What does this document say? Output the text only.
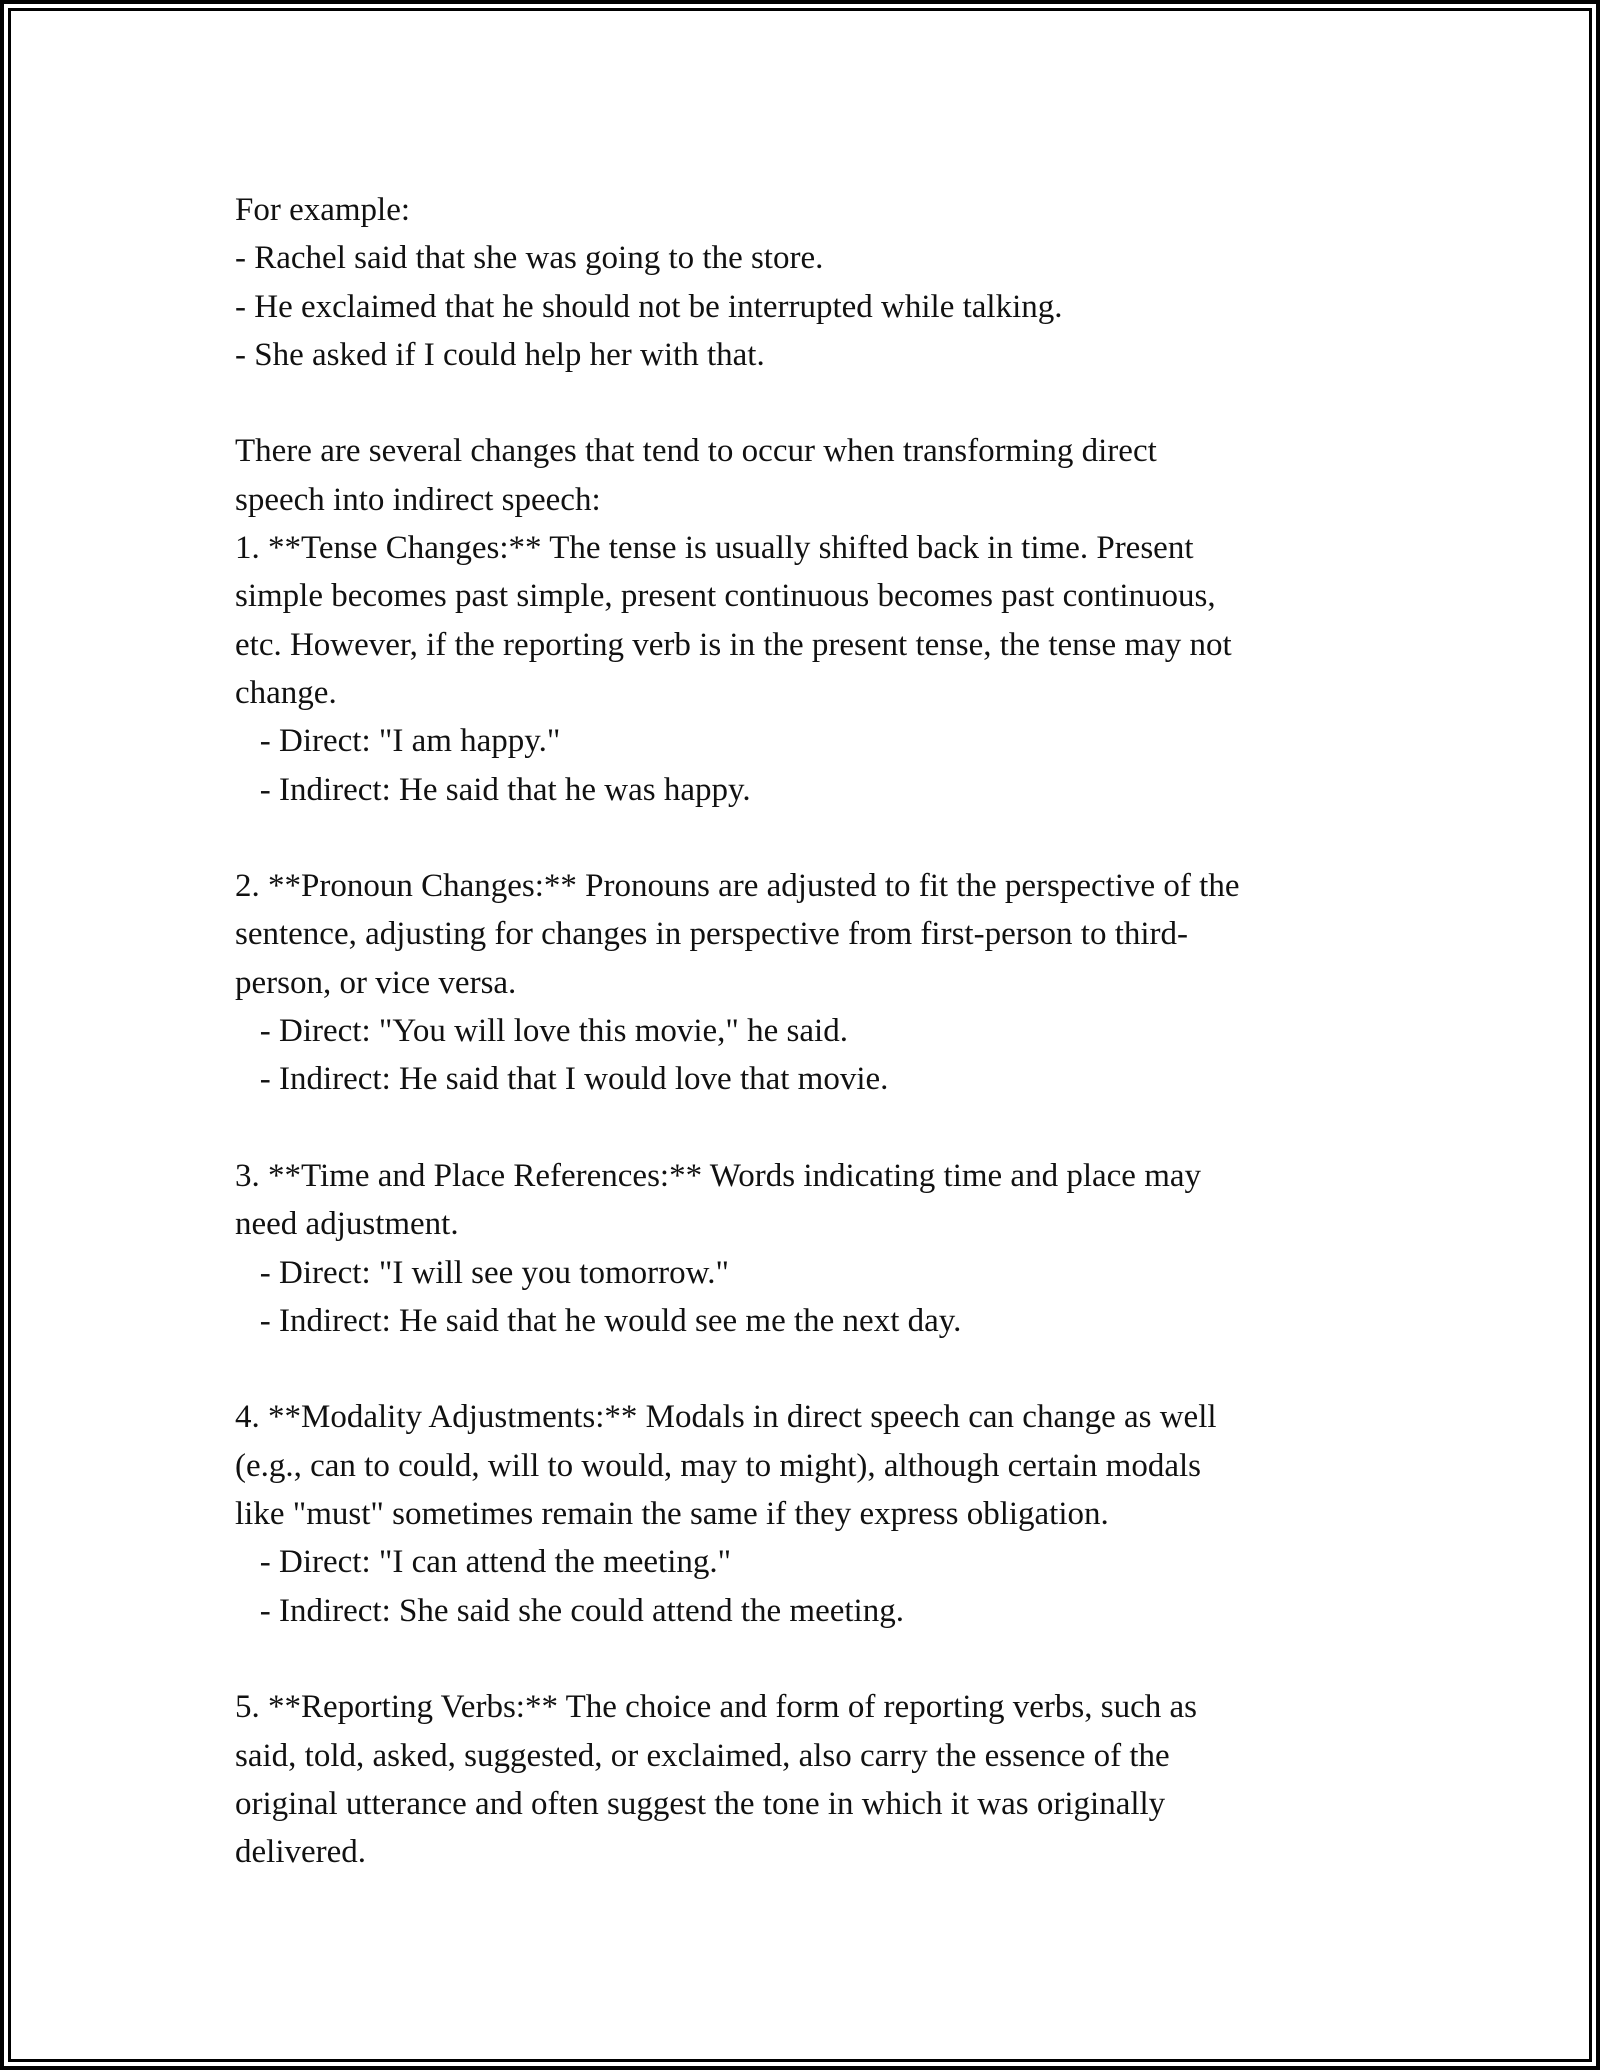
For example:

- Rachel said that she was going to the store.

- He exclaimed that he should not be interrupted while talking.

- She asked if I could help her with that.

There are several changes that tend to occur when transforming direct

speech into indirect speech:

1. **Tense Changes:** The tense is usually shifted back in time. Present

simple becomes past simple, present continuous becomes past continuous,

etc. However, if the reporting verb is in the present tense, the tense may not

change.

- Direct: "I am happy."

- Indirect: He said that he was happy.

2. **Pronoun Changes:** Pronouns are adjusted to fit the perspective of the

sentence, adjusting for changes in perspective from first-person to third-

person, or vice versa.

- Direct: "You will love this movie," he said.

- Indirect: He said that I would love that movie.

3. **Time and Place References:** Words indicating time and place may

need adjustment.

- Direct: "I will see you tomorrow."

- Indirect: He said that he would see me the next day.

4. **Modality Adjustments:** Modals in direct speech can change as well

(e.g., can to could, will to would, may to might), although certain modals

like "must" sometimes remain the same if they express obligation.

- Direct: "I can attend the meeting."

- Indirect: She said she could attend the meeting.

5. **Reporting Verbs:** The choice and form of reporting verbs, such as

said, told, asked, suggested, or exclaimed, also carry the essence of the

original utterance and often suggest the tone in which it was originally

delivered.
